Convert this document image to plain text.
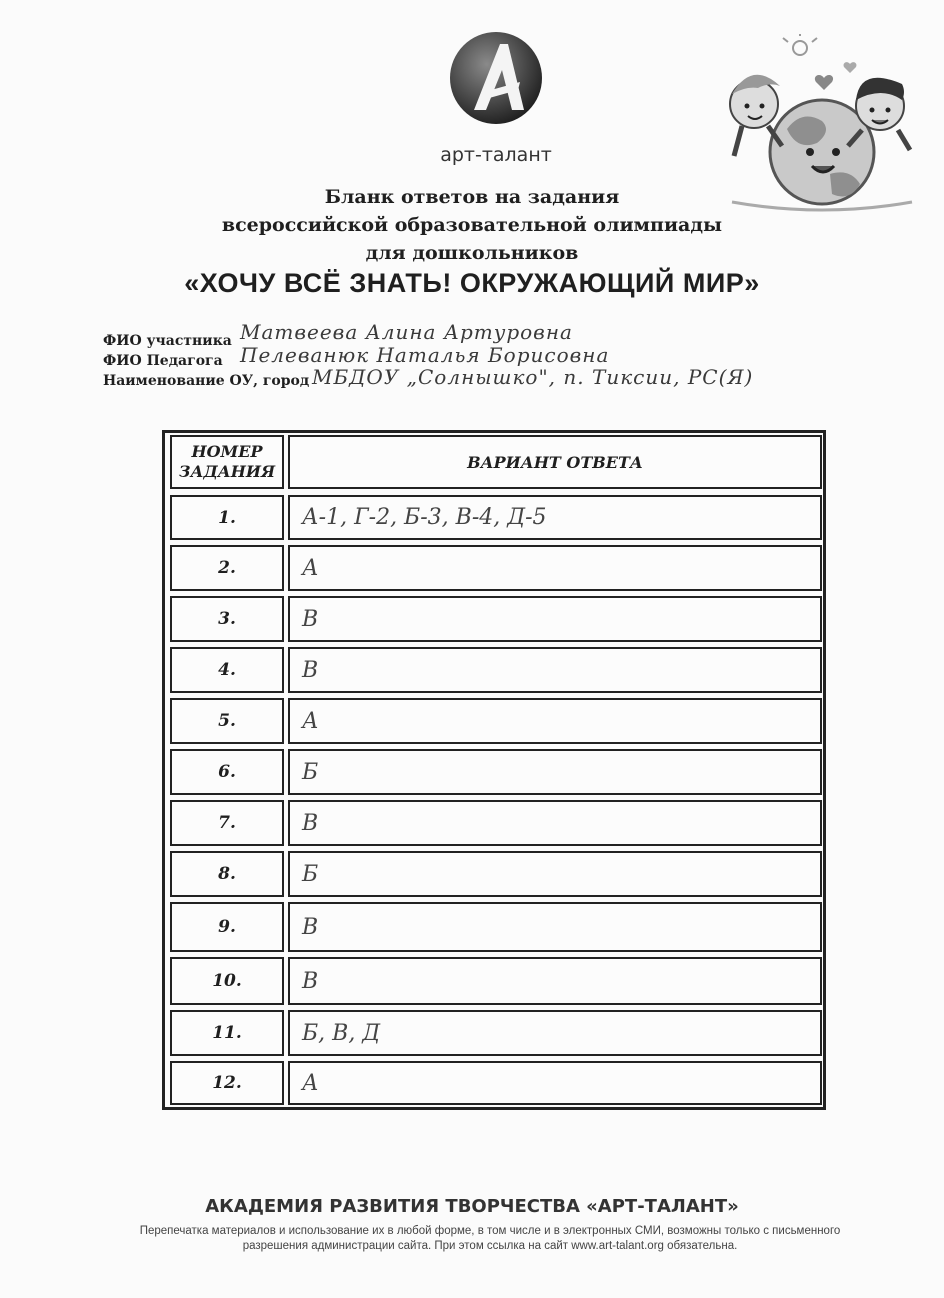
арт-талант
Бланк ответов на задания
всероссийской образовательной олимпиады
для дошкольников
«ХОЧУ ВСЁ ЗНАТЬ! ОКРУЖАЮЩИЙ МИР»
ФИО участника Матвеева Алина Артуровна
ФИО Педагога Пелеванюк Наталья Борисовна
Наименование ОУ, город МБДОУ „Солнышко", п. Тиксии, РС(Я)
НОМЕР
ЗАДАНИЯ	ВАРИАНТ ОТВЕТА
1.	А-1, Г-2, Б-3, В-4, Д-5
2.	А
3.	В
4.	В
5.	А
6.	Б
7.	В
8.	Б
9.	В
10.	В
11.	Б, В, Д
12.	А
АКАДЕМИЯ РАЗВИТИЯ ТВОРЧЕСТВА «АРТ-ТАЛАНТ»
Перепечатка материалов и использование их в любой форме, в том числе и в электронных СМИ, возможны только с письменного разрешения администрации сайта. При этом ссылка на сайт www.art-talant.org обязательна.
